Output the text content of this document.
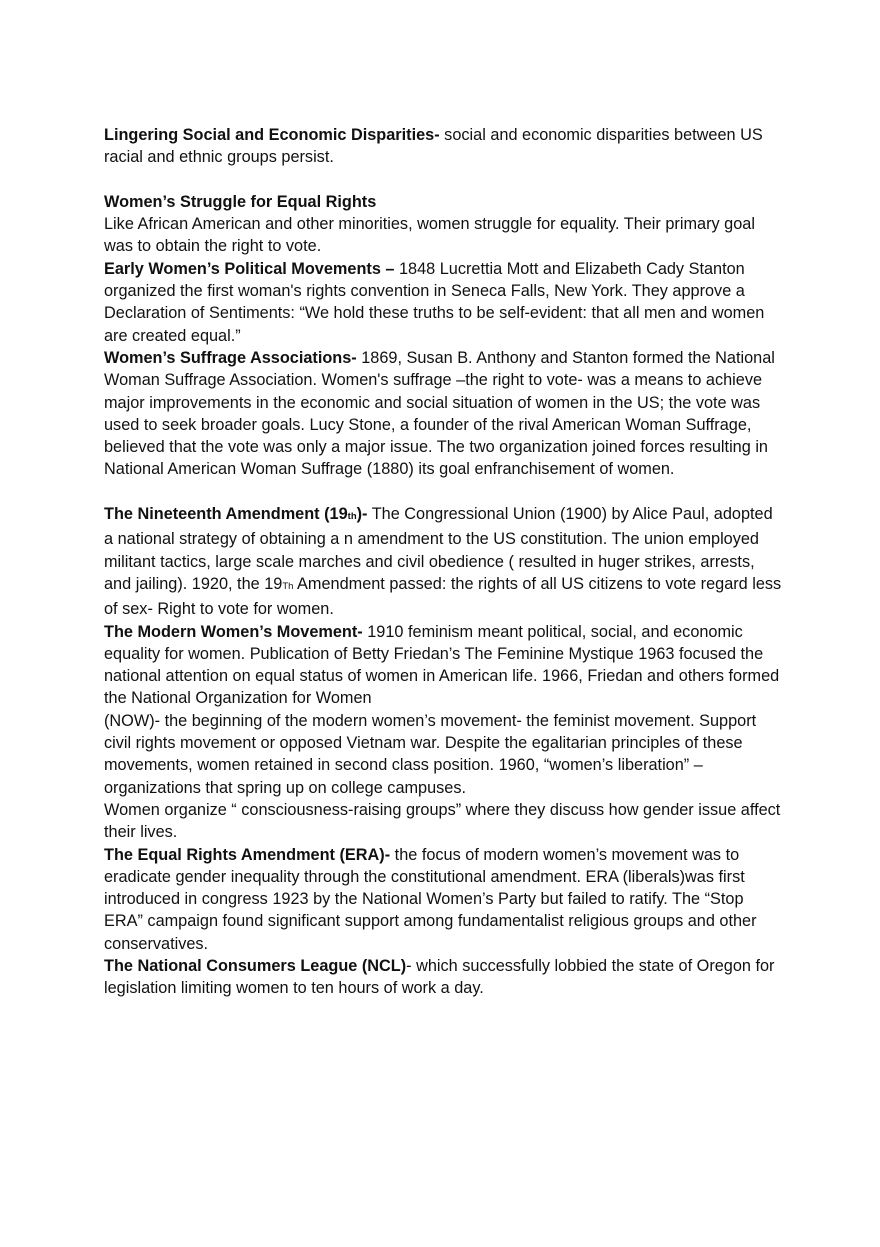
Lingering Social and Economic Disparities- social and economic disparities between US racial and ethnic groups persist.

Women’s Struggle for Equal Rights

Like African American and other minorities, women struggle for equality. Their primary goal was to obtain the right to vote.

Early Women’s Political Movements – 1848 Lucrettia Mott and Elizabeth Cady Stanton organized the first woman's rights convention in Seneca Falls, New York. They approve a Declaration of Sentiments: “We hold these truths to be self-evident: that all men and women are created equal.”

Women’s Suffrage Associations- 1869, Susan B. Anthony and Stanton formed the National Woman Suffrage Association. Women's suffrage –the right to vote- was a means to achieve major improvements in the economic and social situation of women in the US; the vote was used to seek broader goals. Lucy Stone, a founder of the rival American Woman Suffrage, believed that the vote was only a major issue. The two organization joined forces resulting in National American Woman Suffrage (1880) its goal enfranchisement of women.

The Nineteenth Amendment (19th)- The Congressional Union (1900) by Alice Paul, adopted a national strategy of obtaining a n amendment to the US constitution. The union employed militant tactics, large scale marches and civil obedience ( resulted in huger strikes, arrests, and jailing). 1920, the 19Th Amendment passed: the rights of all US citizens to vote regard less of sex- Right to vote for women.

The Modern Women’s Movement- 1910 feminism meant political, social, and economic equality for women. Publication of Betty Friedan’s The Feminine Mystique 1963 focused the national attention on equal status of women in American life. 1966, Friedan and others formed the National Organization for Women

(NOW)- the beginning of the modern women’s movement- the feminist movement. Support civil rights movement or opposed Vietnam war. Despite the egalitarian principles of these movements, women retained in second class position. 1960, “women’s liberation” – organizations that spring up on college campuses.

Women organize “ consciousness-raising groups” where they discuss how gender issue affect their lives.

The Equal Rights Amendment (ERA)- the focus of modern women’s movement was to eradicate gender inequality through the constitutional amendment. ERA (liberals)was first introduced in congress 1923 by the National Women’s Party but failed to ratify. The “Stop ERA” campaign found significant support among fundamentalist religious groups and other conservatives.

The National Consumers League (NCL)- which successfully lobbied the state of Oregon for legislation limiting women to ten hours of work a day.
